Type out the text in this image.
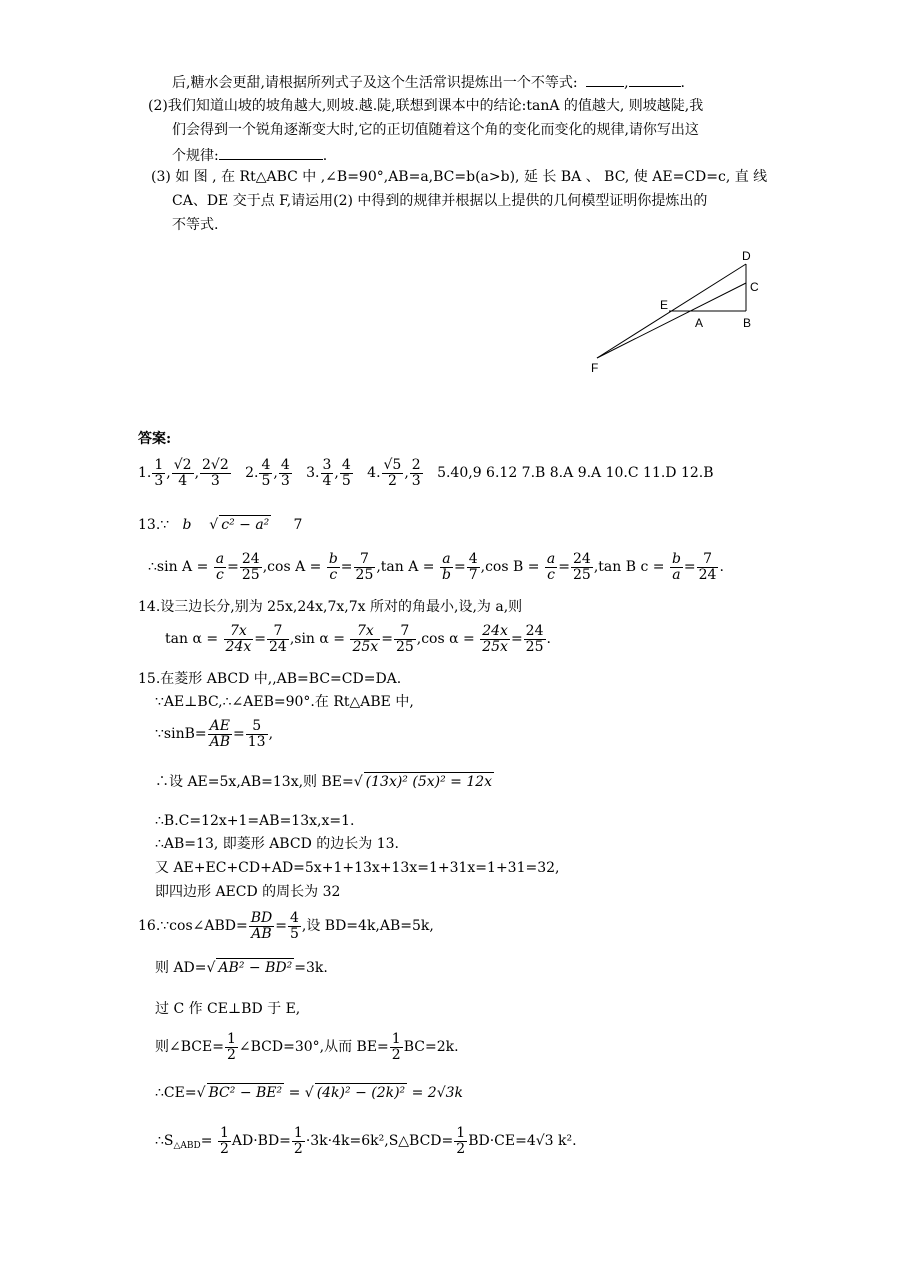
后,糖水会更甜,请根据所列式子及这个生活常识提炼出一个不等式:	,	.
(2)我们知道山坡的坡角越大,则坡.越.陡,联想到课本中的结论:tanA 的值越大, 则坡越陡,我
们会得到一个锐角逐渐变大时,它的正切值随着这个角的变化而变化的规律,请你写出这
个规律:	.
(3) 如 图 , 在 Rt△ABC 中 ,∠B=90°,AB=a,BC=b(a>b), 延 长 BA 、 BC, 使 AE=CD=c, 直 线
CA、DE 交于点 F,请运用(2) 中得到的规律并根据以上提供的几何模型证明你提炼出的
不等式.
D
C
E
A	B
F
答案:
1. $\frac{1}{3}$ , $\frac{√2}{4}$ , $\frac{2√2}{3} 2$. $\frac{4}{5}$ , $\frac{4}{3} 3$. $\frac{3}{4}$ , $\frac{4}{5} 4$. $\frac{√5}{2}$ , $\frac{2}{3} 5.40,9$ 6.12 7.B 8.A 9.A 10.C 11.D 12.B
13.∵ b    √ c² − a² 7
∴sin $A = \frac{a}{c} = \frac{24}{25} ,\cos$ $A = \frac{b}{c} = \frac{7}{25} ,\tan$ $A = \frac{a}{b} = \frac{4}{7} ,\cos$ $B = \frac{a}{c} = \frac{24}{25} ,\tan$ B $c = \frac{b}{a} = \frac{7}{24}$ .
14.设三边长分,别为 25x,24x,7x,7x 所对的角最小,设,为 a,则
$\tan \alpha = \frac{7x}{24x} = \frac{7}{24} ,\sin$ $\alpha = \frac{7x}{25x} = \frac{7}{25} ,\cos$ $\alpha = \frac{24x}{25x} = \frac{24}{25}$ .
15.在菱形 ABCD 中,,AB=BC=CD=DA.
∵AE⊥BC,∴∠AEB=90°.在 Rt△ABE 中,
∵sinB= $\frac{AE}{AB} = \frac{5}{13}$ ,
∴设 AE=5x,AB=13x,则 BE=√ (13x)² (5x)² = 12x
∴B.C=12x+1=AB=13x,x=1.
∴AB=13, 即菱形 ABCD 的边长为 13.
又 AE+EC+CD+AD=5x+1+13x+13x=1+31x=1+31=32,
即四边形 AECD 的周长为 32
16.∵cos∠ABD= $\frac{BD}{AB} = \frac{4}{5}$ ,设 BD=4k,AB=5k,
则 AD=√ AB² − BD² =3k.
过 C 作 CE⊥BD 于 E,
则∠BCE= $\frac{1}{2}$ ∠BCD=30°,从而 $BE= \frac{1}{2} BC=2k$.
∴CE=√ BC² − BE² = √ (4k)² − (2k)² = 2√3k
$\therefore S_{\triangle ABD}= \frac{1}{2} AD\cdot BD= \frac{1}{2}$ ·3k·4k=6k²,S△BCD= $\frac{1}{2} BD\cdot CE=4√3$ k².
